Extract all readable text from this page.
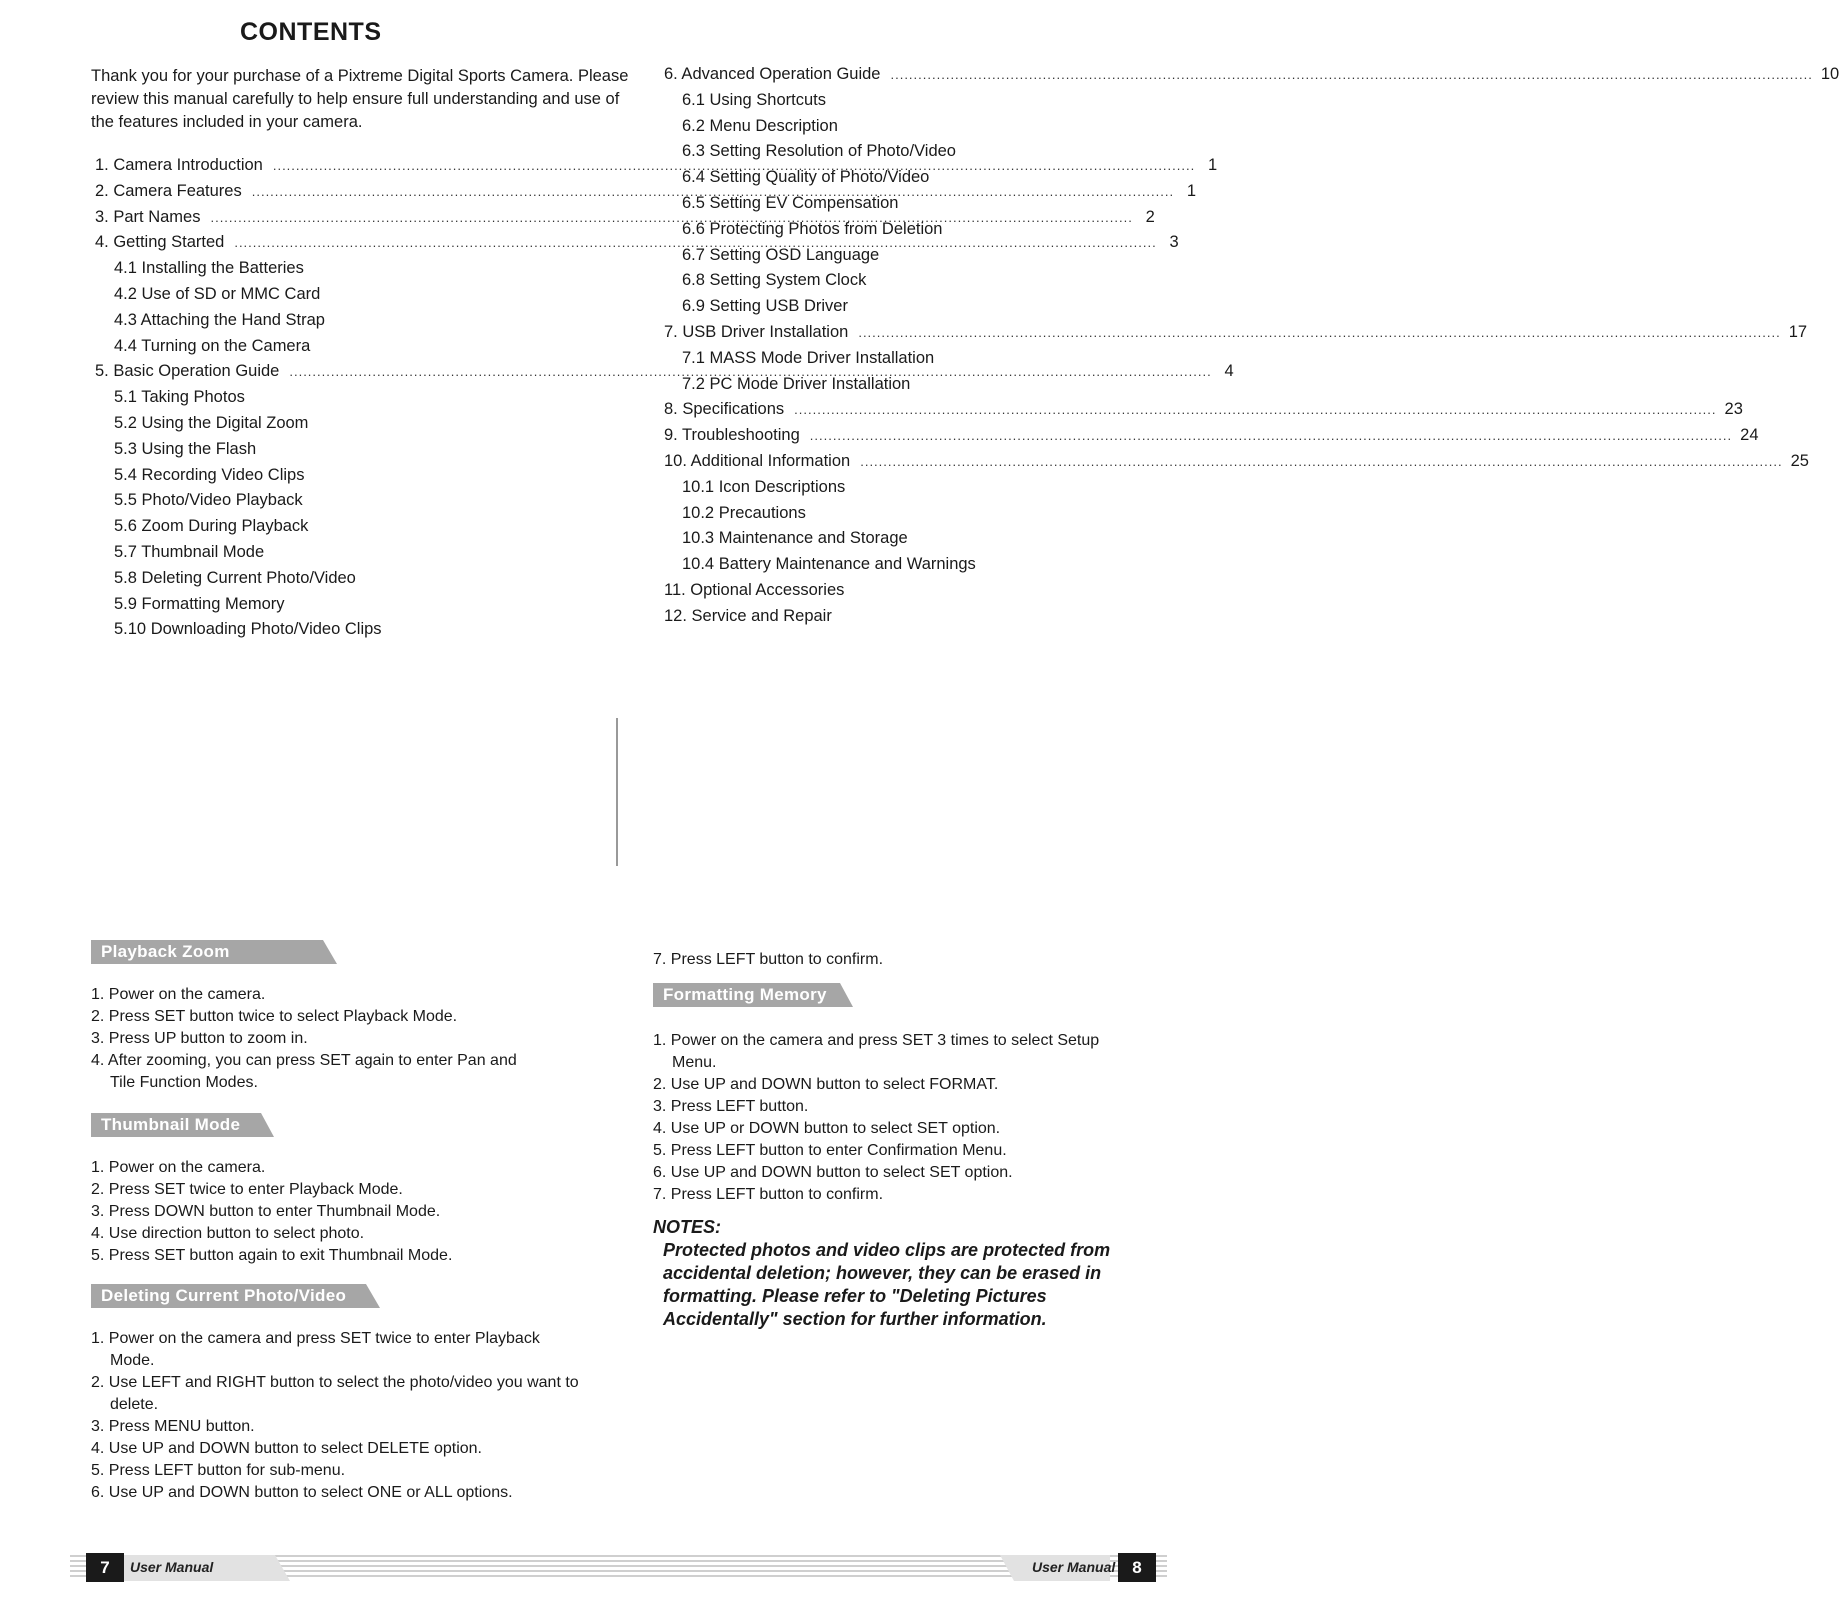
CONTENTS
Thank you for your purchase of a Pixtreme Digital Sports Camera. Please review this manual carefully to help ensure full understanding and use of the features included in your camera.
1. Camera Introduction ........................................................................................................................................................................................................ 1
2. Camera Features ........................................................................................................................................................................................................ 1
3. Part Names ........................................................................................................................................................................................................ 2
4. Getting Started ........................................................................................................................................................................................................ 3
4.1 Installing the Batteries
4.2 Use of SD or MMC Card
4.3 Attaching the Hand Strap
4.4 Turning on the Camera
5. Basic Operation Guide ........................................................................................................................................................................................................ 4
5.1 Taking Photos
5.2 Using the Digital Zoom
5.3 Using the Flash
5.4 Recording Video Clips
5.5 Photo/Video Playback
5.6 Zoom During Playback
5.7 Thumbnail Mode
5.8 Deleting Current Photo/Video
5.9 Formatting Memory
5.10 Downloading Photo/Video Clips
6. Advanced Operation Guide ........................................................................................................................................................................................................ 10
6.1 Using Shortcuts
6.2 Menu Description
6.3 Setting Resolution of Photo/Video
6.4 Setting Quality of Photo/Video
6.5 Setting EV Compensation
6.6 Protecting Photos from Deletion
6.7 Setting OSD Language
6.8 Setting System Clock
6.9 Setting USB Driver
7. USB Driver Installation ........................................................................................................................................................................................................ 17
7.1 MASS Mode Driver Installation
7.2 PC Mode Driver Installation
8. Specifications ........................................................................................................................................................................................................ 23
9. Troubleshooting ........................................................................................................................................................................................................ 24
10. Additional Information ........................................................................................................................................................................................................ 25
10.1 Icon Descriptions
10.2 Precautions
10.3 Maintenance and Storage
10.4 Battery Maintenance and Warnings
11. Optional Accessories
12. Service and Repair
Playback Zoom
1. Power on the camera.
2. Press SET button twice to select Playback Mode.
3. Press UP button to zoom in.
4. After zooming, you can press SET again to enter Pan and Tile Function Modes.
Thumbnail Mode
1. Power on the camera.
2. Press SET twice to enter Playback Mode.
3. Press DOWN button to enter Thumbnail Mode.
4. Use direction button to select photo.
5. Press SET button again to exit Thumbnail Mode.
Deleting Current Photo/Video
1. Power on the camera and press SET twice to enter Playback Mode.
2. Use LEFT and RIGHT button to select the photo/video you want to delete.
3. Press MENU button.
4. Use UP and DOWN button to select DELETE option.
5. Press LEFT button for sub-menu.
6. Use UP and DOWN button to select ONE or ALL options.
7. Press LEFT button to confirm.
Formatting Memory
1. Power on the camera and press SET 3 times to select Setup Menu.
2. Use UP and DOWN button to select FORMAT.
3. Press LEFT button.
4. Use UP or DOWN button to select SET option.
5. Press LEFT button to enter Confirmation Menu.
6. Use UP and DOWN button to select SET option.
7. Press LEFT button to confirm.
NOTES:
Protected photos and video clips are protected from accidental deletion; however, they can be erased in formatting. Please refer to "Deleting Pictures Accidentally" section for further information.
7	User Manual	User Manual	8
